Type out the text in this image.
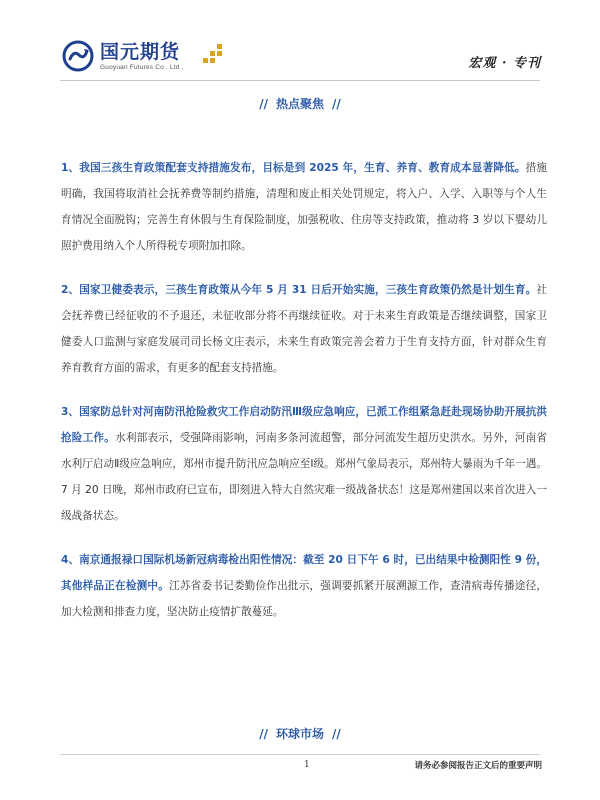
国元期货
Guoyuan Futures Co . Ltd .	宏观 · 专刊
// 热点聚焦 //

1、我国三孩生育政策配套支持措施发布，目标是到 2025 年，生育、养育、教育成本显著降低。措施明确，我国将取消社会抚养费等制约措施，清理和废止相关处罚规定，将入户、入学、入职等与个人生育情况全面脱钩；完善生育休假与生育保险制度，加强税收、住房等支持政策，推动将 3 岁以下婴幼儿照护费用纳入个人所得税专项附加扣除。

2、国家卫健委表示，三孩生育政策从今年 5 月 31 日后开始实施，三孩生育政策仍然是计划生育。社会抚养费已经征收的不予退还，未征收部分将不再继续征收。对于未来生育政策是否继续调整，国家卫健委人口监测与家庭发展司司长杨文庄表示，未来生育政策完善会着力于生育支持方面，针对群众生育养育教育方面的需求，有更多的配套支持措施。

3、国家防总针对河南防汛抢险救灾工作启动防汛Ⅲ级应急响应，已派工作组紧急赶赴现场协助开展抗洪抢险工作。水利部表示，受强降雨影响，河南多条河流超警，部分河流发生超历史洪水。另外，河南省水利厅启动Ⅱ级应急响应，郑州市提升防汛应急响应至Ⅰ级。郑州气象局表示，郑州特大暴雨为千年一遇。7 月 20 日晚，郑州市政府已宣布，即刻进入特大自然灾难一级战备状态！这是郑州建国以来首次进入一级战备状态。

4、南京通报禄口国际机场新冠病毒检出阳性情况：截至 20 日下午 6 时，已出结果中检测阳性 9 份，其他样品正在检测中。江苏省委书记娄勤俭作出批示，强调要抓紧开展溯源工作，查清病毒传播途径，加大检测和排查力度，坚决防止疫情扩散蔓延。

// 环球市场 //
1	请务必参阅报告正文后的重要声明
